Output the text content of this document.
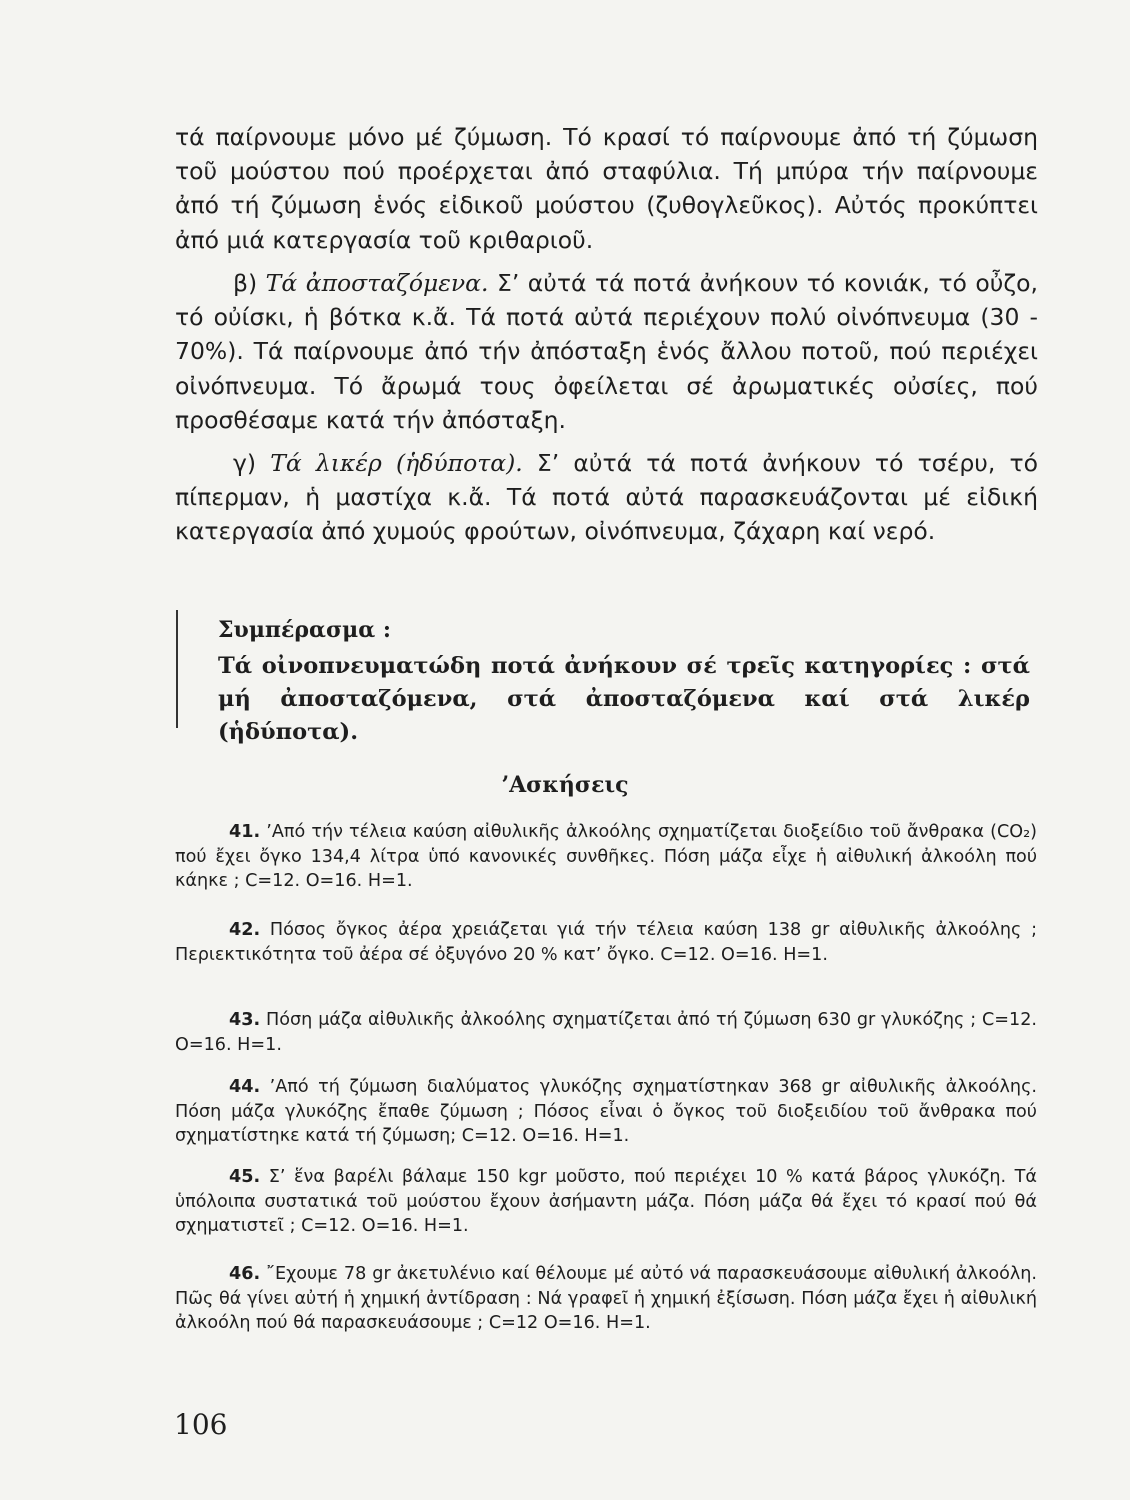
τά παίρνουμε μόνο μέ ζύμωση. Τό κρασί τό παίρνουμε ἀπό τή ζύμωση τοῦ μούστου πού προέρχεται ἀπό σταφύλια. Τή μπύρα τήν παίρνουμε ἀπό τή ζύμωση ἑνός εἰδικοῦ μούστου (ζυθογλεῦκος). Αὐτός προκύπτει ἀπό μιά κατεργασία τοῦ κριθαριοῦ.

β) Τά ἀποσταζόμενα. Σ’ αὐτά τά ποτά ἀνήκουν τό κονιάκ, τό οὖζο, τό οὐίσκι, ἡ βότκα κ.ἄ. Τά ποτά αὐτά περιέχουν πολύ οἰνόπνευμα (30 - 70%). Τά παίρνουμε ἀπό τήν ἀπόσταξη ἑνός ἄλλου ποτοῦ, πού περιέχει οἰνόπνευμα. Τό ἄρωμά τους ὀφείλεται σέ ἀρωματικές οὐσίες, πού προσθέσαμε κατά τήν ἀπόσταξη.

γ) Τά λικέρ (ἡδύποτα). Σ’ αὐτά τά ποτά ἀνήκουν τό τσέρυ, τό πίπερμαν, ἡ μαστίχα κ.ἄ. Τά ποτά αὐτά παρασκευάζονται μέ εἰδική κατεργασία ἀπό χυμούς φρούτων, οἰνόπνευμα, ζάχαρη καί νερό.

Συμπέρασμα :

Τά οἰνοπνευματώδη ποτά ἀνήκουν σέ τρεῖς κατηγορίες : στά μή ἀποσταζόμενα, στά ἀποσταζόμενα καί στά λικέρ (ἡδύποτα).

’Ασκήσεις

41. ’Από τήν τέλεια καύση αἰθυλικῆς ἀλκοόλης σχηματίζεται διοξείδιο τοῦ ἄνθρακα (CO₂) πού ἔχει ὄγκο 134,4 λίτρα ὑπό κανονικές συνθῆκες. Πόση μάζα εἶχε ἡ αἰθυλική ἀλκοόλη πού κάηκε ; C=12. O=16. H=1.

42. Πόσος ὄγκος ἀέρα χρειάζεται γιά τήν τέλεια καύση 138 gr αἰθυλικῆς ἀλκοόλης ; Περιεκτικότητα τοῦ ἀέρα σέ ὀξυγόνο 20 % κατ’ ὄγκο. C=12. O=16. H=1.

43. Πόση μάζα αἰθυλικῆς ἀλκοόλης σχηματίζεται ἀπό τή ζύμωση 630 gr γλυκόζης ; C=12. O=16. H=1.

44. ’Από τή ζύμωση διαλύματος γλυκόζης σχηματίστηκαν 368 gr αἰθυλικῆς ἀλκοόλης. Πόση μάζα γλυκόζης ἔπαθε ζύμωση ; Πόσος εἶναι ὁ ὄγκος τοῦ διοξειδίου τοῦ ἄνθρακα πού σχηματίστηκε κατά τή ζύμωση; C=12. O=16. H=1.

45. Σ’ ἕνα βαρέλι βάλαμε 150 kgr μοῦστο, πού περιέχει 10 % κατά βάρος γλυκόζη. Τά ὑπόλοιπα συστατικά τοῦ μούστου ἔχουν ἀσήμαντη μάζα. Πόση μάζα θά ἔχει τό κρασί πού θά σχηματιστεῖ ; C=12. O=16. H=1.

46. ῎Εχουμε 78 gr ἀκετυλένιο καί θέλουμε μέ αὐτό νά παρασκευάσουμε αἰθυλική ἀλκοόλη. Πῶς θά γίνει αὐτή ἡ χημική ἀντίδραση : Νά γραφεῖ ἡ χημική ἐξίσωση. Πόση μάζα ἔχει ἡ αἰθυλική ἀλκοόλη πού θά παρασκευάσουμε ; C=12 O=16. H=1.

106
